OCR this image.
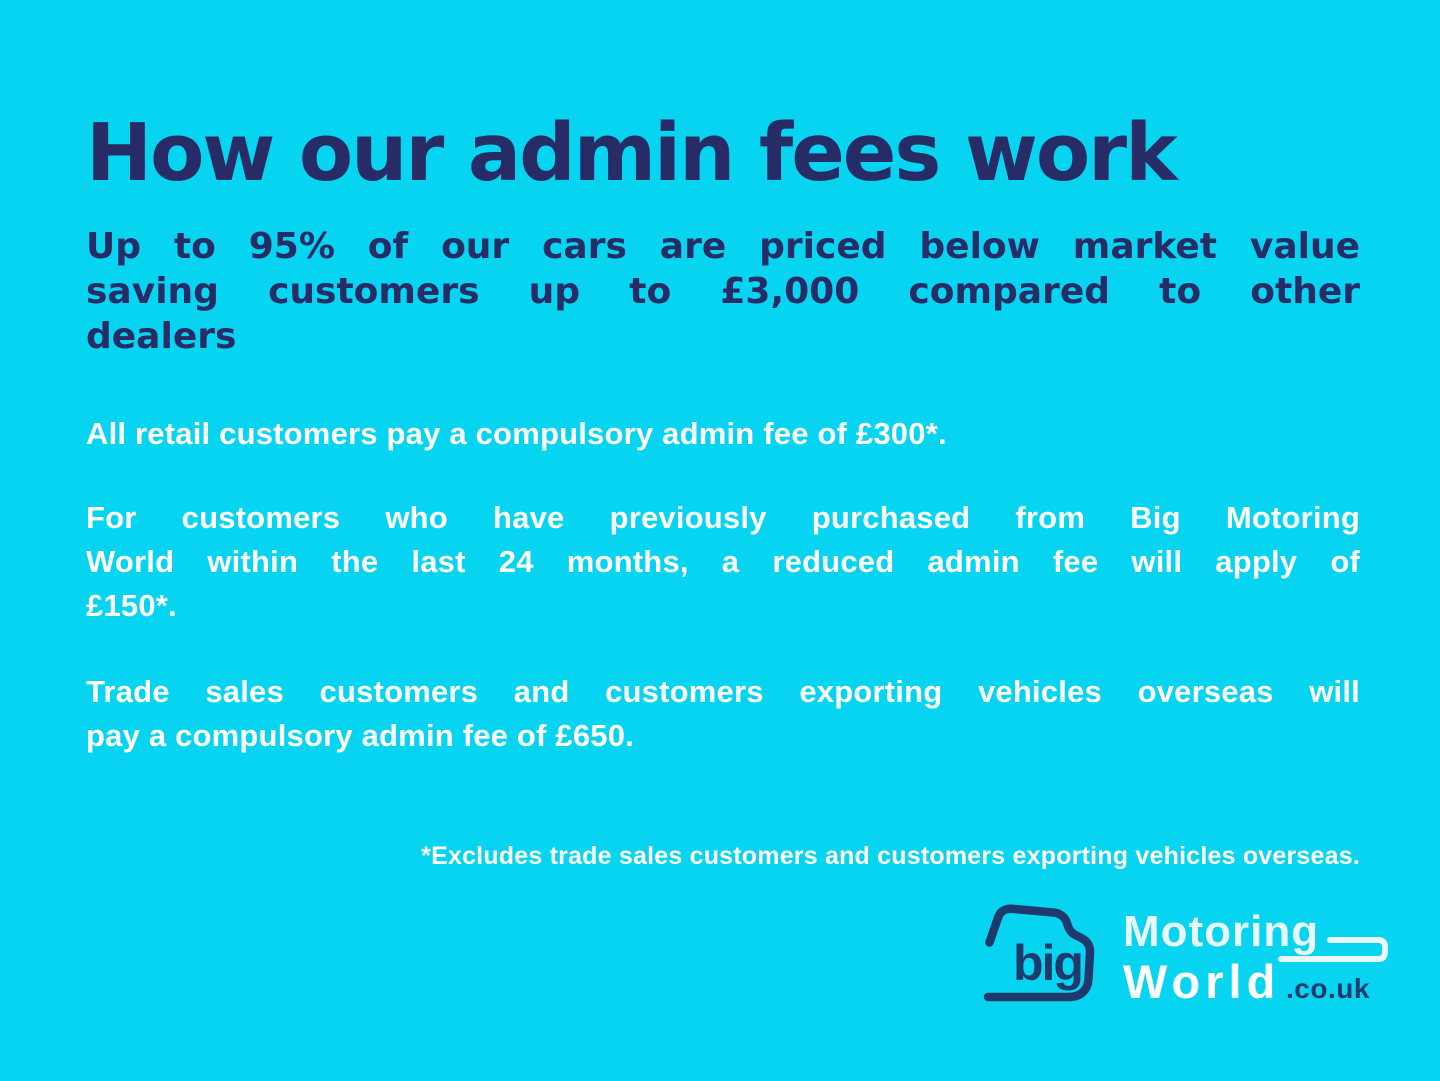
How our admin fees work
Up to 95% of our cars are priced below market value
saving customers up to £3,000 compared to other
dealers
All retail customers pay a compulsory admin fee of £300*.
For customers who have previously purchased from Big Motoring
World within the last 24 months, a reduced admin fee will apply of
£150*.
Trade sales customers and customers exporting vehicles overseas will
pay a compulsory admin fee of £650.
*Excludes trade sales customers and customers exporting vehicles overseas.
big
Motoring
World .co.uk
